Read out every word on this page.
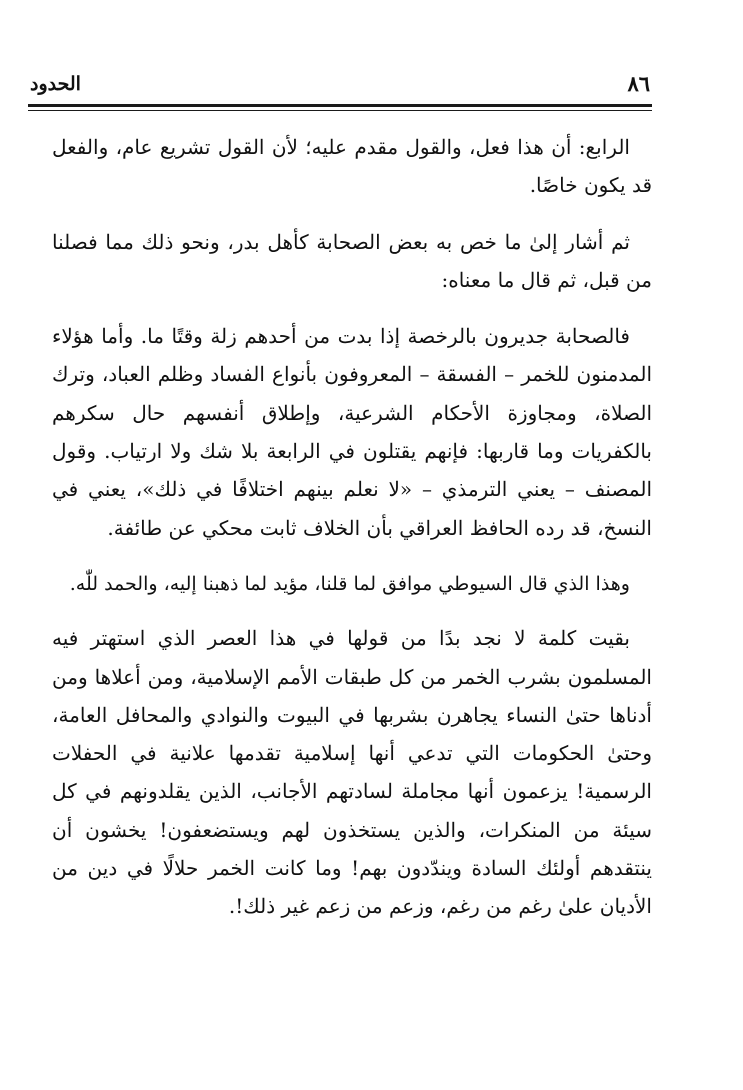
٨٦
الحدود

الرابع: أن هذا فعل، والقول مقدم عليه؛ لأن القول تشريع عام، والفعل قد يكون خاصًا.

ثم أشار إلىٰ ما خص به بعض الصحابة كأهل بدر، ونحو ذلك مما فصلنا من قبل، ثم قال ما معناه:

فالصحابة جديرون بالرخصة إذا بدت من أحدهم زلة وقتًا ما. وأما هؤلاء المدمنون للخمر – الفسقة – المعروفون بأنواع الفساد وظلم العباد، وترك الصلاة، ومجاوزة الأحكام الشرعية، وإطلاق أنفسهم حال سكرهم بالكفريات وما قاربها: فإنهم يقتلون في الرابعة بلا شك ولا ارتياب. وقول المصنف – يعني الترمذي – «لا نعلم بينهم اختلافًا في ذلك»، يعني في النسخ، قد رده الحافظ العراقي بأن الخلاف ثابت محكي عن طائفة.

وهذا الذي قال السيوطي موافق لما قلنا، مؤيد لما ذهبنا إليه، والحمد للّٰه.

بقيت كلمة لا نجد بدًا من قولها في هذا العصر الذي استهتر فيه المسلمون بشرب الخمر من كل طبقات الأمم الإسلامية، ومن أعلاها ومن أدناها حتىٰ النساء يجاهرن بشربها في البيوت والنوادي والمحافل العامة، وحتىٰ الحكومات التي تدعي أنها إسلامية تقدمها علانية في الحفلات الرسمية! يزعمون أنها مجاملة لسادتهم الأجانب، الذين يقلدونهم في كل سيئة من المنكرات، والذين يستخذون لهم ويستضعفون! يخشون أن ينتقدهم أولئك السادة ويندّدون بهم! وما كانت الخمر حلالًا في دين من الأديان علىٰ رغم من رغم، وزعم من زعم غير ذلك!.
